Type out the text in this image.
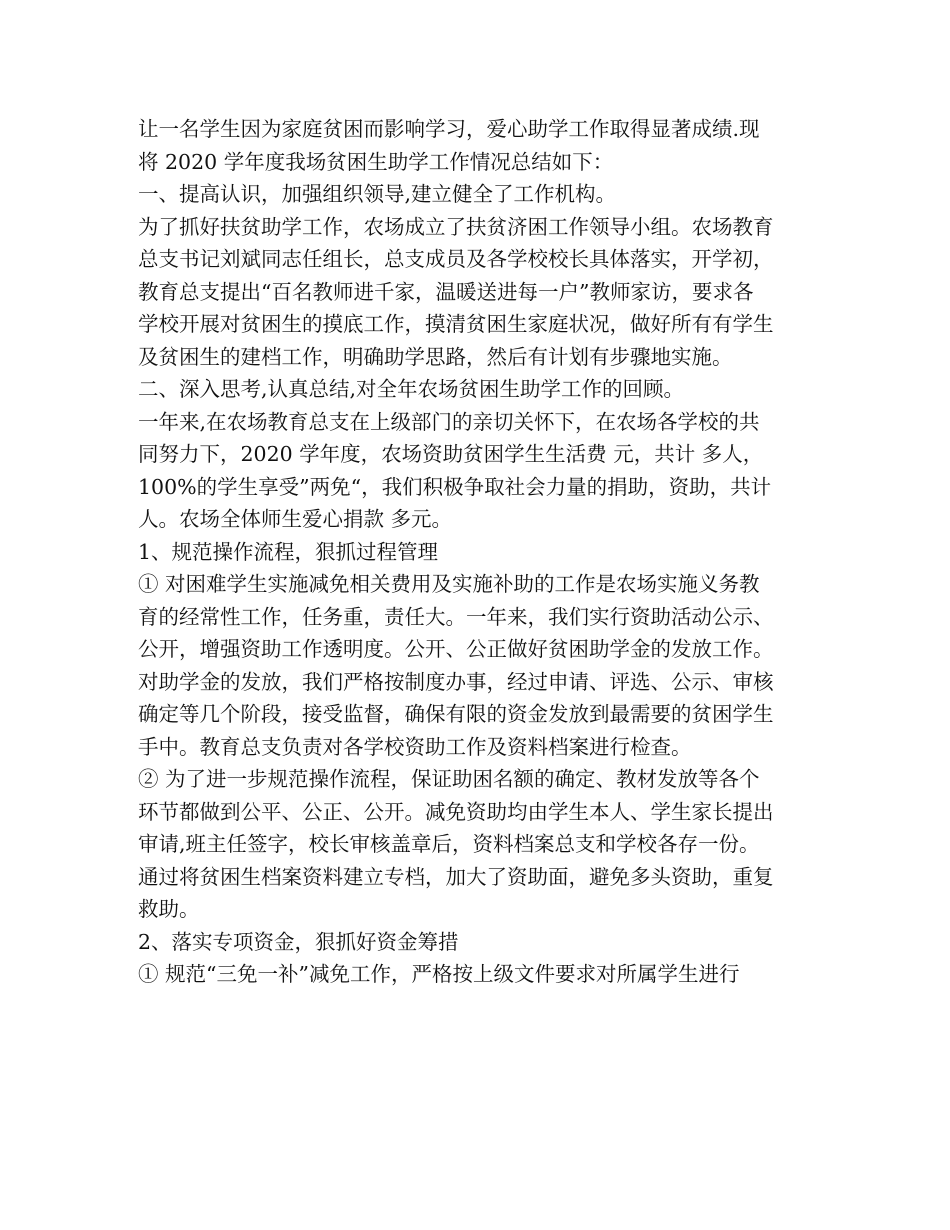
让一名学生因为家庭贫困而影响学习，爱心助学工作取得显著成绩.现
将 2020 学年度我场贫困生助学工作情况总结如下：
一、提高认识，加强组织领导,建立健全了工作机构。
为了抓好扶贫助学工作，农场成立了扶贫济困工作领导小组。农场教育
总支书记刘斌同志任组长，总支成员及各学校校长具体落实，开学初，
教育总支提出“百名教师进千家，温暖送进每一户”教师家访，要求各
学校开展对贫困生的摸底工作，摸清贫困生家庭状况，做好所有有学生
及贫困生的建档工作，明确助学思路，然后有计划有步骤地实施。
二、深入思考,认真总结,对全年农场贫困生助学工作的回顾。
一年来,在农场教育总支在上级部门的亲切关怀下，在农场各学校的共
同努力下，2020 学年度，农场资助贫困学生生活费 元，共计 多人，
100%的学生享受”两免“，我们积极争取社会力量的捐助，资助，共计
人。农场全体师生爱心捐款 多元。
1、规范操作流程，狠抓过程管理
① 对困难学生实施减免相关费用及实施补助的工作是农场实施义务教
育的经常性工作，任务重，责任大。一年来，我们实行资助活动公示、
公开，增强资助工作透明度。公开、公正做好贫困助学金的发放工作。
对助学金的发放，我们严格按制度办事，经过申请、评选、公示、审核
确定等几个阶段，接受监督，确保有限的资金发放到最需要的贫困学生
手中。教育总支负责对各学校资助工作及资料档案进行检查。
② 为了进一步规范操作流程，保证助困名额的确定、教材发放等各个
环节都做到公平、公正、公开。减免资助均由学生本人、学生家长提出
审请,班主任签字，校长审核盖章后，资料档案总支和学校各存一份。
通过将贫困生档案资料建立专档，加大了资助面，避免多头资助，重复
救助。
2、落实专项资金，狠抓好资金筹措
① 规范“三免一补”减免工作，严格按上级文件要求对所属学生进行
